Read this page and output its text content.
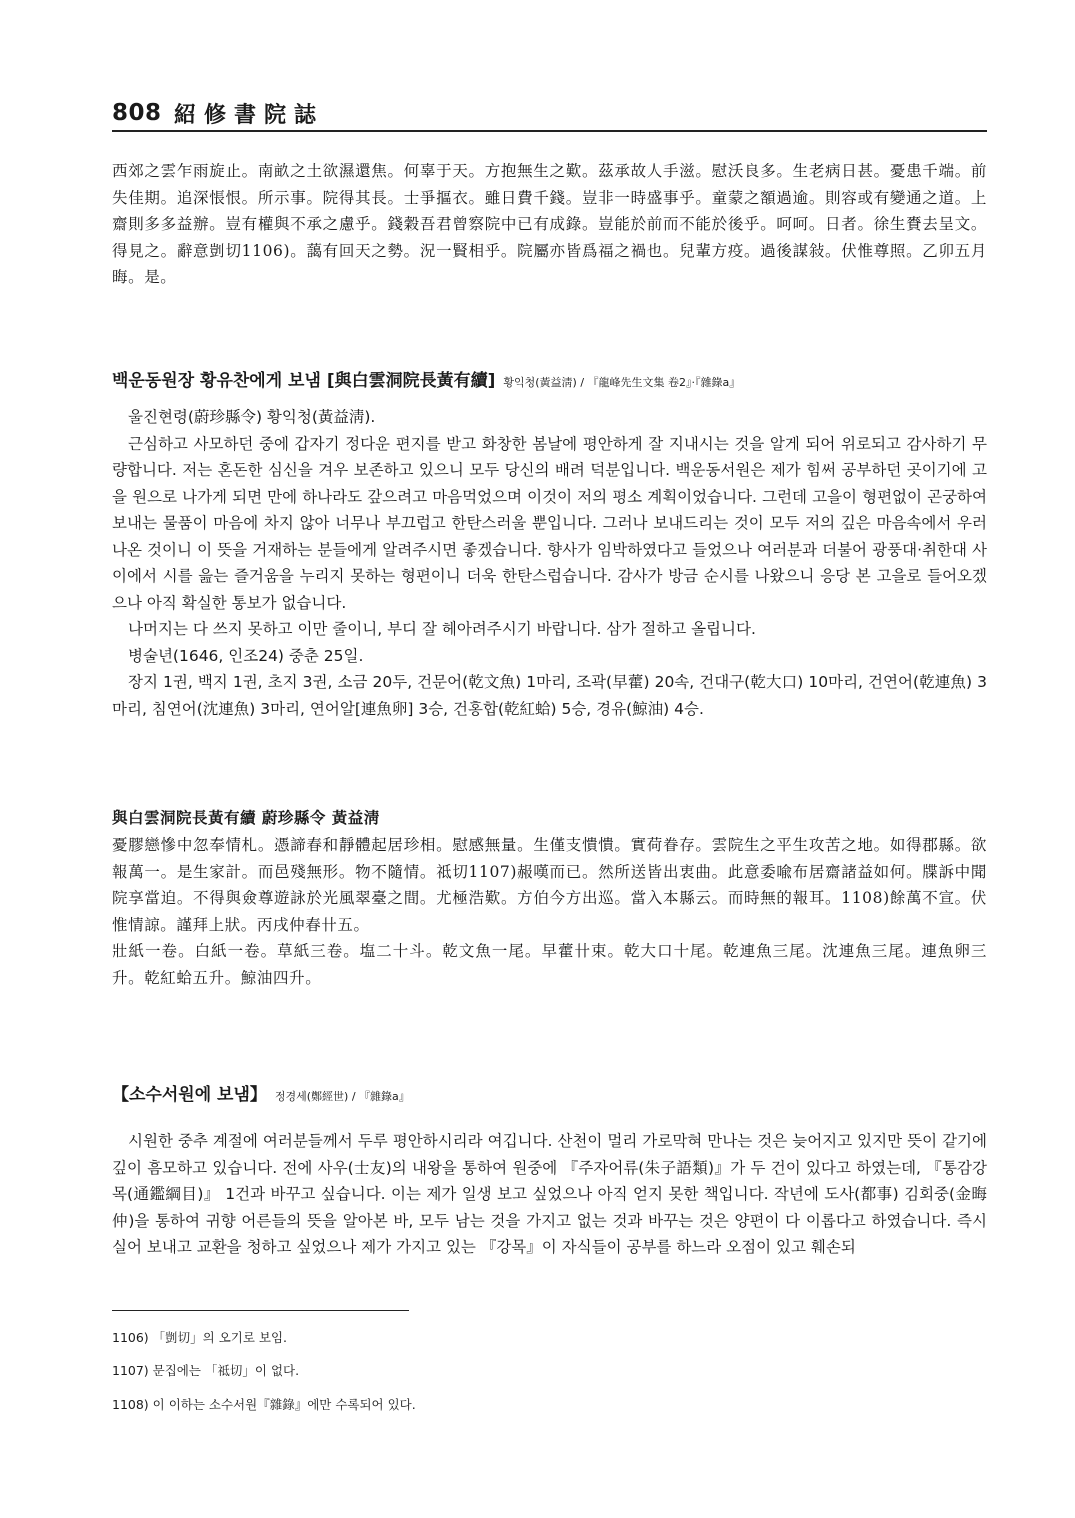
808 紹修書院誌

西郊之雲乍雨旋止。南畝之土欲濕還焦。何辜于天。方抱無生之歎。茲承故人手滋。慰沃良多。生老病日甚。憂患千端。前失佳期。追深悵恨。所示事。院得其長。士爭摳衣。雖日費千錢。豈非一時盛事乎。童蒙之額過逾。則容或有變通之道。上齋則多多益辦。豈有權與不承之慮乎。錢穀吾君曾察院中已有成錄。豈能於前而不能於後乎。呵呵。日者。徐生賚去呈文。得見之。辭意剴切1106)。藹有回天之勢。況一賢相乎。院屬亦皆爲福之禍也。兒輩方疫。過後謀敍。伏惟尊照。乙卯五月晦。是。

백운동원장 황유찬에게 보냄 [與白雲洞院長黃有續] 황익청(黃益淸) / 『龍峰先生文集 卷2』·『雜錄a』

울진현령(蔚珍縣令) 황익청(黃益淸).

근심하고 사모하던 중에 갑자기 정다운 편지를 받고 화창한 봄날에 평안하게 잘 지내시는 것을 알게 되어 위로되고 감사하기 무량합니다. 저는 혼돈한 심신을 겨우 보존하고 있으니 모두 당신의 배려 덕분입니다. 백운동서원은 제가 힘써 공부하던 곳이기에 고을 원으로 나가게 되면 만에 하나라도 갚으려고 마음먹었으며 이것이 저의 평소 계획이었습니다. 그런데 고을이 형편없이 곤궁하여 보내는 물품이 마음에 차지 않아 너무나 부끄럽고 한탄스러울 뿐입니다. 그러나 보내드리는 것이 모두 저의 깊은 마음속에서 우러나온 것이니 이 뜻을 거재하는 분들에게 알려주시면 좋겠습니다. 향사가 임박하였다고 들었으나 여러분과 더불어 광풍대·취한대 사이에서 시를 읊는 즐거움을 누리지 못하는 형편이니 더욱 한탄스럽습니다. 감사가 방금 순시를 나왔으니 응당 본 고을로 들어오겠으나 아직 확실한 통보가 없습니다.

나머지는 다 쓰지 못하고 이만 줄이니, 부디 잘 헤아려주시기 바랍니다. 삼가 절하고 올립니다.

병술년(1646, 인조24) 중춘 25일.

장지 1권, 백지 1권, 초지 3권, 소금 20두, 건문어(乾文魚) 1마리, 조곽(早藿) 20속, 건대구(乾大口) 10마리, 건연어(乾連魚) 3마리, 침연어(沈連魚) 3마리, 연어알[連魚卵] 3승, 건홍합(乾紅蛤) 5승, 경유(鯨油) 4승.

與白雲洞院長黃有續 蔚珍縣令 黃益淸

憂膠戀慘中忽奉情札。憑諦春和靜體起居珍相。慰感無量。生僅支憒憒。實荷眷存。雲院生之平生攻苦之地。如得郡縣。欲報萬一。是生家計。而邑殘無形。物不隨情。祗切1107)赧嘆而已。然所送皆出衷曲。此意委喩布居齋諸益如何。牒訴中聞院享當迫。不得與僉尊遊詠於光風翠臺之間。尤極浩歎。方伯今方出巡。當入本縣云。而時無的報耳。1108)餘萬不宣。伏惟情諒。謹拜上狀。丙戌仲春卄五。

壯紙一卷。白紙一卷。草紙三卷。塩二十斗。乾文魚一尾。早藿卄束。乾大口十尾。乾連魚三尾。沈連魚三尾。連魚卵三升。乾紅蛤五升。鯨油四升。

【소수서원에 보냄】 정경세(鄭經世) / 『雜錄a』

시원한 중추 계절에 여러분들께서 두루 평안하시리라 여깁니다. 산천이 멀리 가로막혀 만나는 것은 늦어지고 있지만 뜻이 같기에 깊이 흠모하고 있습니다. 전에 사우(士友)의 내왕을 통하여 원중에 『주자어류(朱子語類)』가 두 건이 있다고 하였는데, 『통감강목(通鑑綱目)』 1건과 바꾸고 싶습니다. 이는 제가 일생 보고 싶었으나 아직 얻지 못한 책입니다. 작년에 도사(都事) 김회중(金晦仲)을 통하여 귀향 어른들의 뜻을 알아본 바, 모두 남는 것을 가지고 없는 것과 바꾸는 것은 양편이 다 이롭다고 하였습니다. 즉시 실어 보내고 교환을 청하고 싶었으나 제가 가지고 있는 『강목』이 자식들이 공부를 하느라 오점이 있고 훼손되

1106) 「剴切」의 오기로 보임.
1107) 문집에는 「祗切」이 없다.
1108) 이 이하는 소수서원『雜錄』에만 수록되어 있다.
